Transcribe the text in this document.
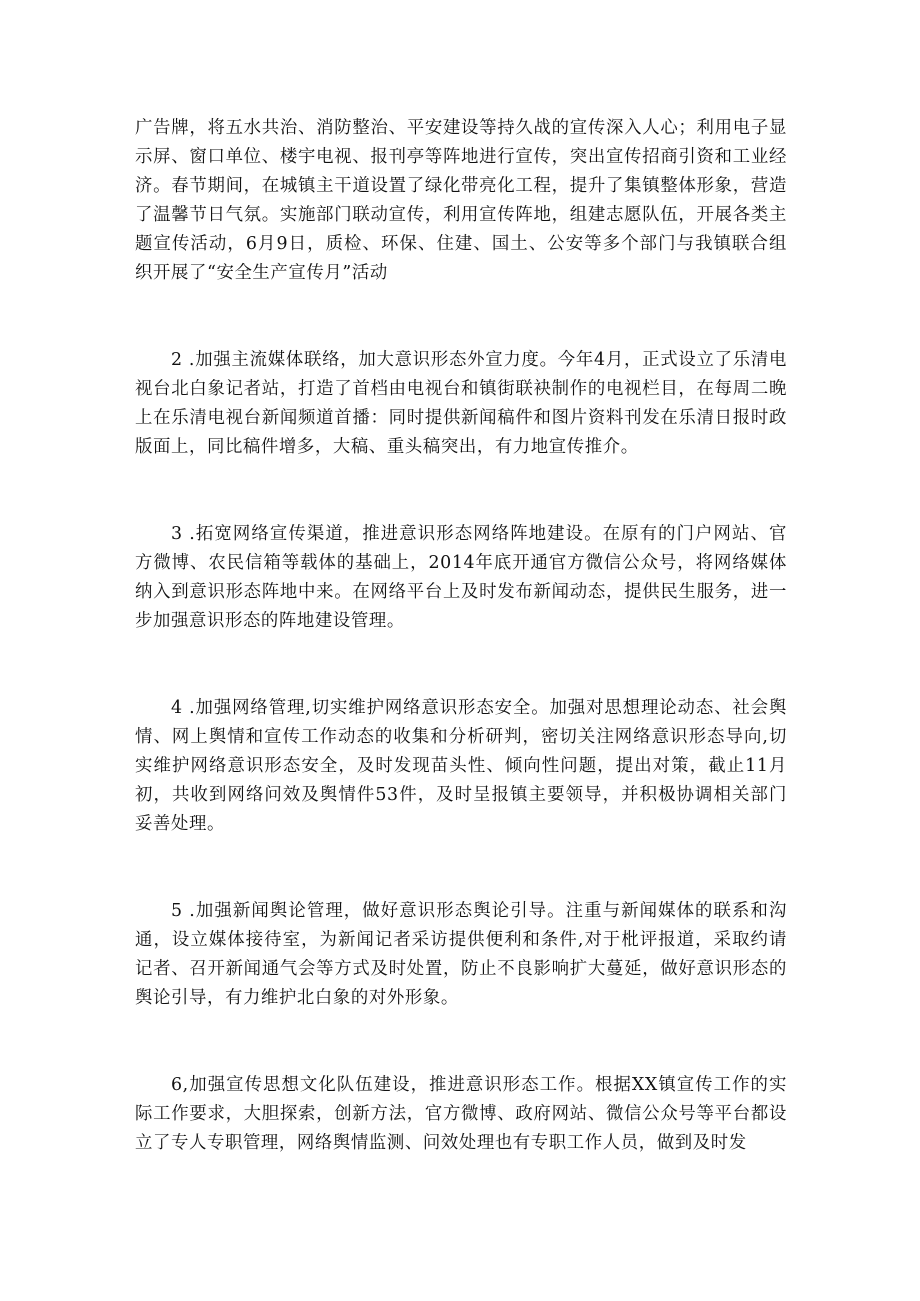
广告牌，将五水共治、消防整治、平安建设等持久战的宣传深入人心；利用电子显示屏、窗口单位、楼宇电视、报刊亭等阵地进行宣传，突出宣传招商引资和工业经济。春节期间，在城镇主干道设置了绿化带亮化工程，提升了集镇整体形象，营造了温馨节日气氛。实施部门联动宣传，利用宣传阵地，组建志愿队伍，开展各类主题宣传活动，6月9日，质检、环保、住建、国土、公安等多个部门与我镇联合组织开展了“安全生产宣传月”活动

2 .加强主流媒体联络，加大意识形态外宣力度。今年4月，正式设立了乐清电视台北白象记者站，打造了首档由电视台和镇街联袂制作的电视栏目，在每周二晚上在乐清电视台新闻频道首播：同时提供新闻稿件和图片资料刊发在乐清日报时政版面上，同比稿件增多，大稿、重头稿突出，有力地宣传推介。

3 .拓宽网络宣传渠道，推进意识形态网络阵地建设。在原有的门户网站、官方微博、农民信箱等载体的基础上，2014年底开通官方微信公众号，将网络媒体纳入到意识形态阵地中来。在网络平台上及时发布新闻动态，提供民生服务，进一步加强意识形态的阵地建设管理。

4 .加强网络管理,切实维护网络意识形态安全。加强对思想理论动态、社会舆情、网上舆情和宣传工作动态的收集和分析研判，密切关注网络意识形态导向,切实维护网络意识形态安全，及时发现苗头性、倾向性问题，提出对策，截止11月初，共收到网络问效及舆情件53件，及时呈报镇主要领导，并积极协调相关部门妥善处理。

5 .加强新闻舆论管理，做好意识形态舆论引导。注重与新闻媒体的联系和沟通，设立媒体接待室，为新闻记者采访提供便利和条件,对于枇评报道，采取约请记者、召开新闻通气会等方式及时处置，防止不良影响扩大蔓延，做好意识形态的舆论引导，有力维护北白象的对外形象。

6,加强宣传思想文化队伍建设，推进意识形态工作。根据XX镇宣传工作的实际工作要求，大胆探索，创新方法，官方微博、政府网站、微信公众号等平台都设立了专人专职管理，网络舆情监测、问效处理也有专职工作人员，做到及时发
